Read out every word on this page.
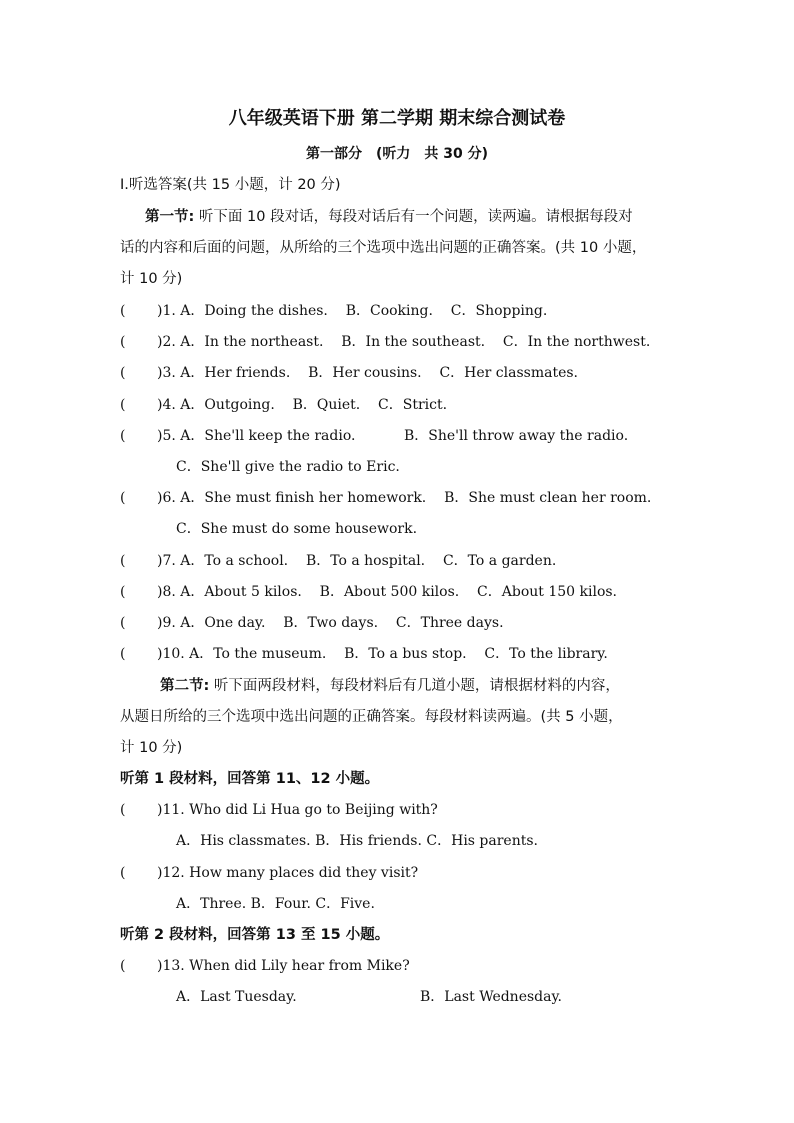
八年级英语下册 第二学期 期末综合测试卷
第一部分　(听力　共 30 分)
Ⅰ.听选答案(共 15 小题，计 20 分)
第一节: 听下面 10 段对话，每段对话后有一个问题，读两遍。请根据每段对
话的内容和后面的问题，从所给的三个选项中选出问题的正确答案。(共 10 小题，
计 10 分)
( )1. A．Doing the dishes. B．Cooking. C．Shopping.
( )2. A．In the northeast. B．In the southeast. C．In the northwest.
( )3. A．Her friends. B．Her cousins. C．Her classmates.
( )4. A．Outgoing. B．Quiet. C．Strict.
( )5. A．She'll keep the radio.	B．She'll throw away the radio.
C．She'll give the radio to Eric.
( )6. A．She must finish her homework. B．She must clean her room.
C．She must do some housework.
( )7. A．To a school. B．To a hospital. C．To a garden.
( )8. A．About 5 kilos. B．About 500 kilos. C．About 150 kilos.
( )9. A．One day. B．Two days. C．Three days.
( )10. A．To the museum. B．To a bus stop. C．To the library.
第二节: 听下面两段材料，每段材料后有几道小题，请根据材料的内容，
从题日所给的三个选项中选出问题的正确答案。每段材料读两遍。(共 5 小题，
计 10 分)
听第 1 段材料，回答第 11、12 小题。
( )11. Who did Li Hua go to Beijing with?
A．His classmates. B．His friends. C．His parents.
( )12. How many places did they visit?
A．Three. B．Four. C．Five.
听第 2 段材料，回答第 13 至 15 小题。
( )13. When did Lily hear from Mike?
A．Last Tuesday.	B．Last Wednesday.
